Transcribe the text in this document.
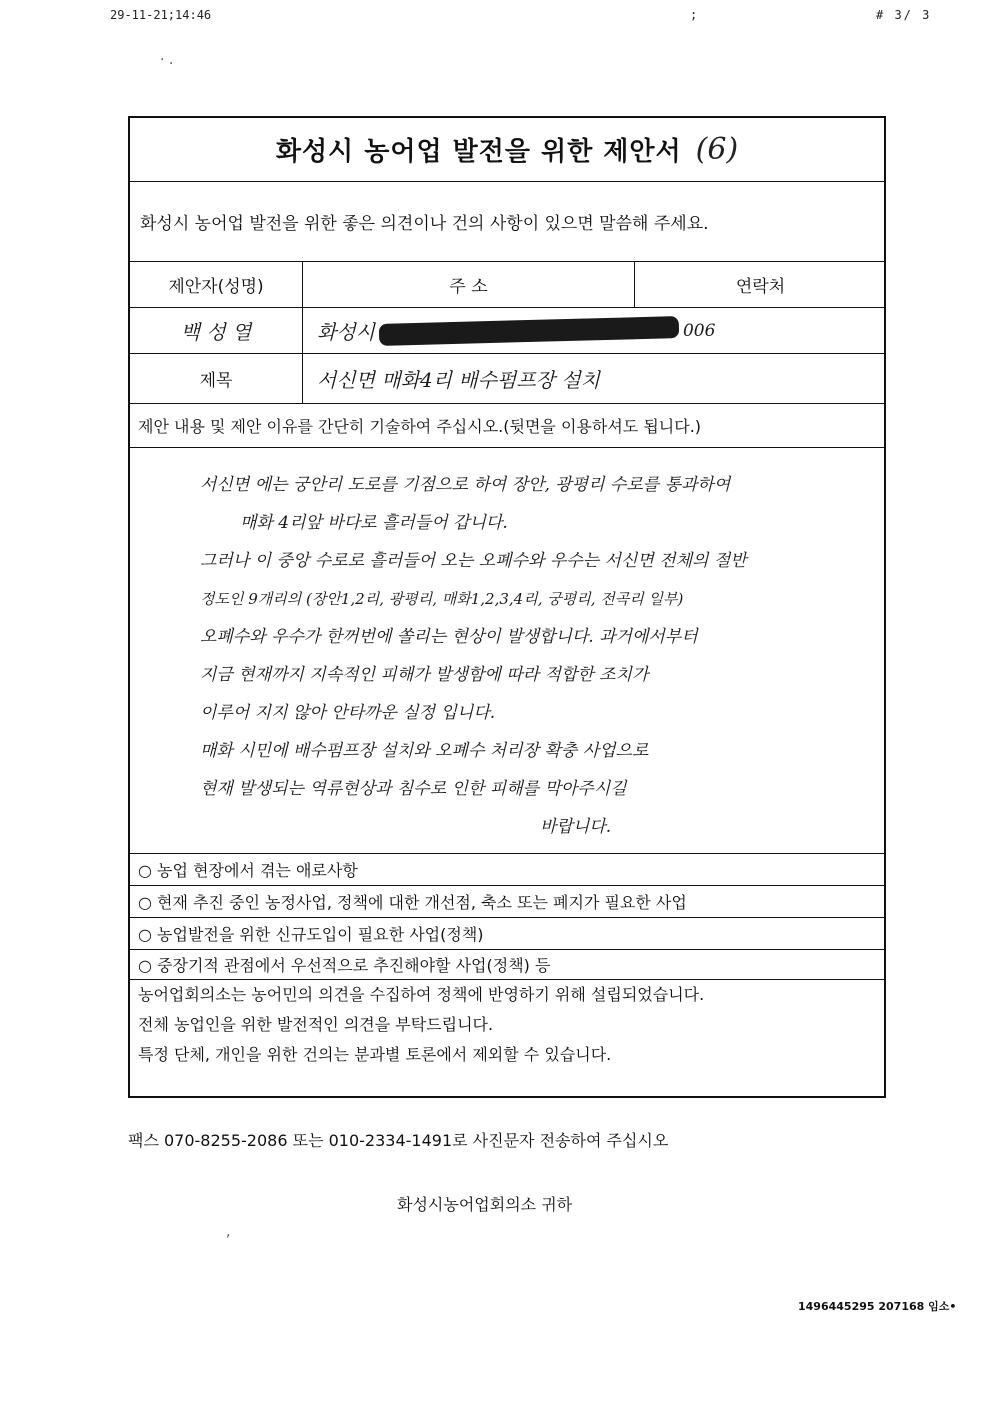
29-11-21;14:46	;	# 3/ 3
· .
화성시 농어업 발전을 위한 제안서 (6)
화성시 농어업 발전을 위한 좋은 의견이나 건의 사항이 있으면 말씀해 주세요.
제안자(성명)	주 소	연락처
백 성 열	화성시	006
제목	서신면 매화4리 배수펌프장 설치
제안 내용 및 제안 이유를 간단히 기술하여 주십시오.(뒷면을 이용하셔도 됩니다.)
서신면 에는 궁안리 도로를 기점으로 하여 장안, 광평리 수로를 통과하여
매화 4리앞 바다로 흘러들어 갑니다.
그러나 이 중앙 수로로 흘러들어 오는 오폐수와 우수는 서신면 전체의 절반
정도인 9개리의 (장안1,2리, 광평리, 매화1,2,3,4리, 궁평리, 전곡리 일부)
오폐수와 우수가 한꺼번에 쏠리는 현상이 발생합니다. 과거에서부터
지금 현재까지 지속적인 피해가 발생함에 따라 적합한 조치가
이루어 지지 않아 안타까운 실정 입니다.
매화 시민에 배수펌프장 설치와 오폐수 처리장 확충 사업으로
현재 발생되는 역류현상과 침수로 인한 피해를 막아주시길
바랍니다.
○ 농업 현장에서 겪는 애로사항
○ 현재 추진 중인 농정사업, 정책에 대한 개선점, 축소 또는 폐지가 필요한 사업
○ 농업발전을 위한 신규도입이 필요한 사업(정책)
○ 중장기적 관점에서 우선적으로 추진해야할 사업(정책) 등
농어업회의소는 농어민의 의견을 수집하여 정책에 반영하기 위해 설립되었습니다.
전체 농업인을 위한 발전적인 의견을 부탁드립니다.
특정 단체, 개인을 위한 건의는 분과별 토론에서 제외할 수 있습니다.
팩스 070-8255-2086 또는 010-2334-1491로 사진문자 전송하여 주십시오
화성시농어업회의소 귀하
,
1496445295 207168 임소•
